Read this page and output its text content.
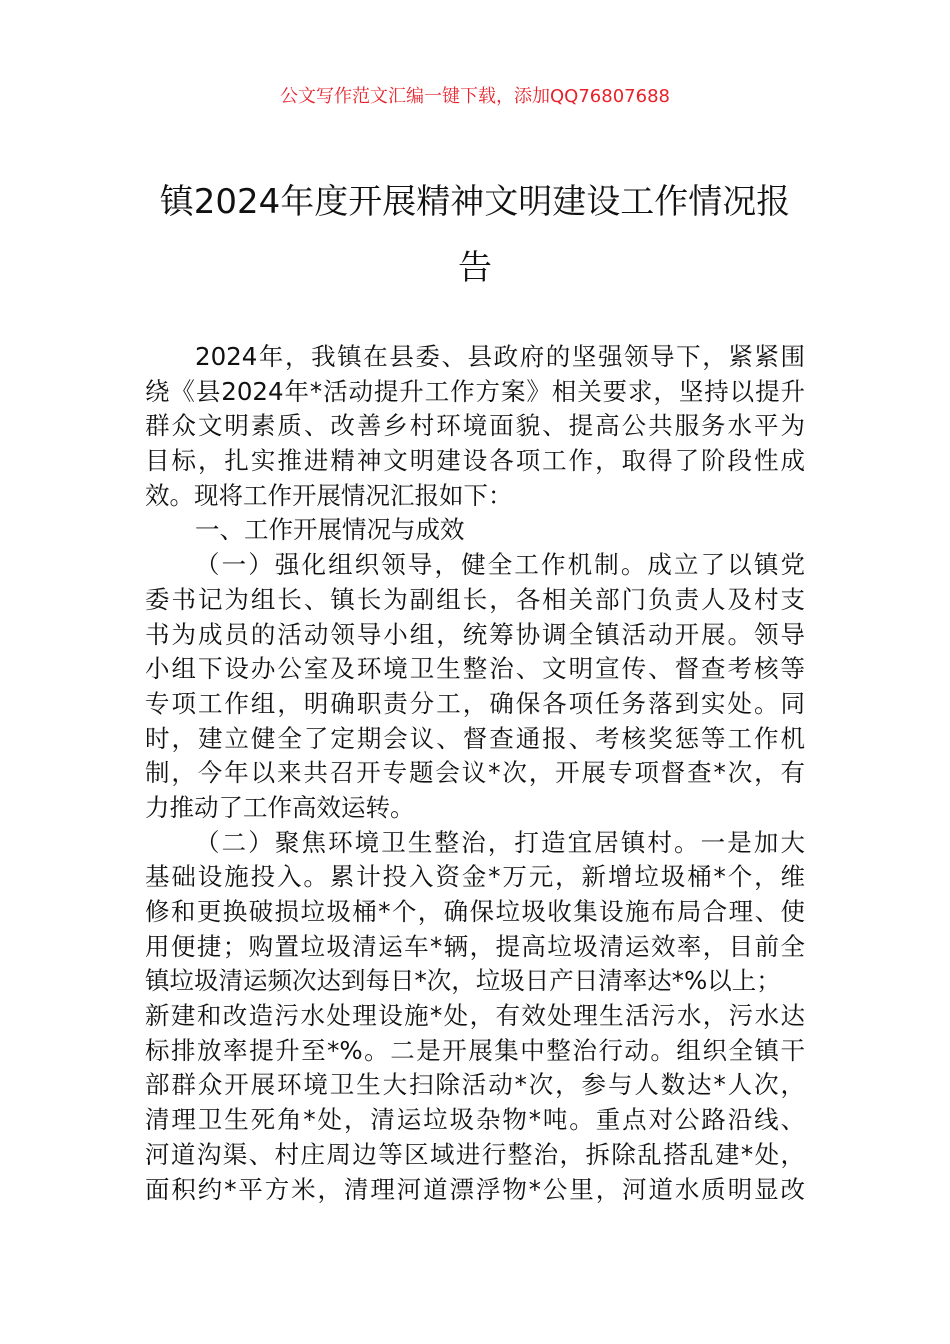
公文写作范文汇编一键下载，添加QQ76807688
镇2024年度开展精神文明建设工作情况报
告
2024年，我镇在县委、县政府的坚强领导下，紧紧围
绕《县2024年*活动提升工作方案》相关要求，坚持以提升
群众文明素质、改善乡村环境面貌、提高公共服务水平为
目标，扎实推进精神文明建设各项工作，取得了阶段性成
效。现将工作开展情况汇报如下：
一、工作开展情况与成效
（一）强化组织领导，健全工作机制。成立了以镇党
委书记为组长、镇长为副组长，各相关部门负责人及村支
书为成员的活动领导小组，统筹协调全镇活动开展。领导
小组下设办公室及环境卫生整治、文明宣传、督查考核等
专项工作组，明确职责分工，确保各项任务落到实处。同
时，建立健全了定期会议、督查通报、考核奖惩等工作机
制，今年以来共召开专题会议*次，开展专项督查*次，有
力推动了工作高效运转。
（二）聚焦环境卫生整治，打造宜居镇村。一是加大
基础设施投入。累计投入资金*万元，新增垃圾桶*个，维
修和更换破损垃圾桶*个，确保垃圾收集设施布局合理、使
用便捷；购置垃圾清运车*辆，提高垃圾清运效率，目前全
镇垃圾清运频次达到每日*次，垃圾日产日清率达*%以上；
新建和改造污水处理设施*处，有效处理生活污水，污水达
标排放率提升至*%。二是开展集中整治行动。组织全镇干
部群众开展环境卫生大扫除活动*次，参与人数达*人次，
清理卫生死角*处，清运垃圾杂物*吨。重点对公路沿线、
河道沟渠、村庄周边等区域进行整治，拆除乱搭乱建*处，
面积约*平方米，清理河道漂浮物*公里，河道水质明显改
